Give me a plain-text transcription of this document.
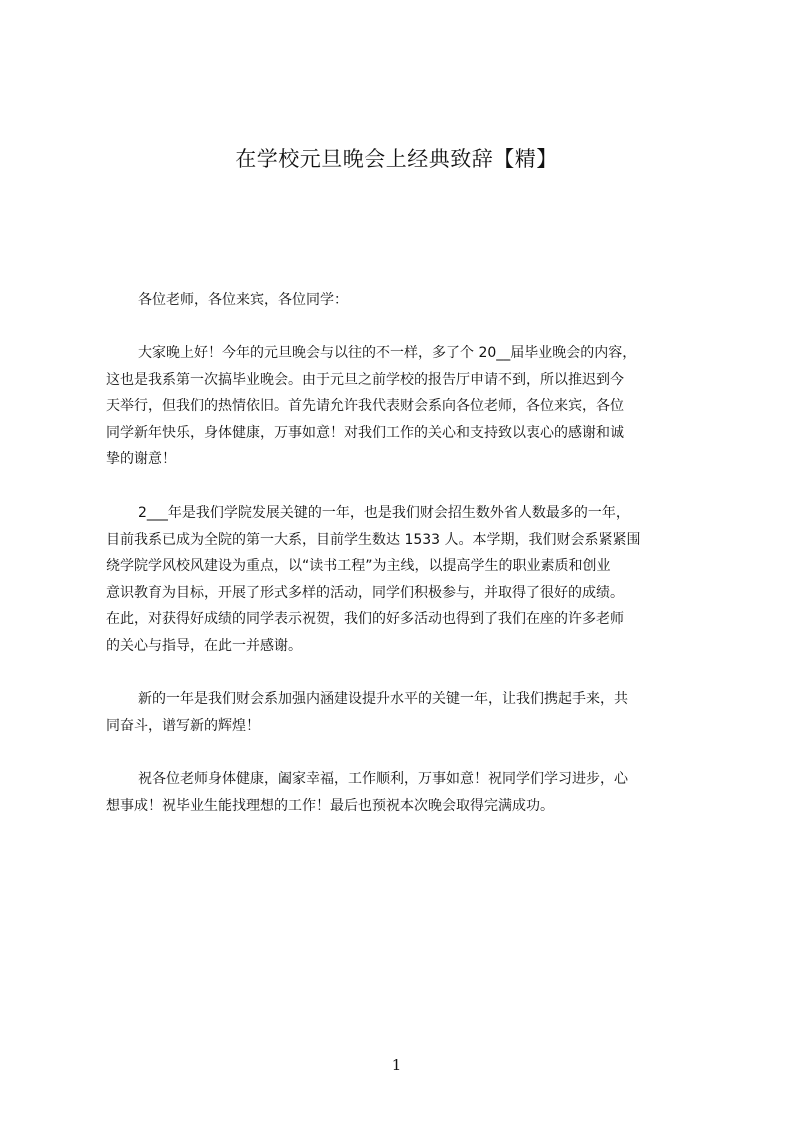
在学校元旦晚会上经典致辞【精】

各位老师，各位来宾，各位同学：

大家晚上好！今年的元旦晚会与以往的不一样，多了个 20__届毕业晚会的内容，
这也是我系第一次搞毕业晚会。由于元旦之前学校的报告厅申请不到，所以推迟到今
天举行，但我们的热情依旧。首先请允许我代表财会系向各位老师，各位来宾，各位
同学新年快乐，身体健康，万事如意！对我们工作的关心和支持致以衷心的感谢和诚
挚的谢意！

2___年是我们学院发展关键的一年，也是我们财会招生数外省人数最多的一年，
目前我系已成为全院的第一大系，目前学生数达 1533 人。本学期，我们财会系紧紧围
绕学院学风校风建设为重点，以“读书工程”为主线，以提高学生的职业素质和创业
意识教育为目标，开展了形式多样的活动，同学们积极参与，并取得了很好的成绩。
在此，对获得好成绩的同学表示祝贺，我们的好多活动也得到了我们在座的许多老师
的关心与指导，在此一并感谢。

新的一年是我们财会系加强内涵建设提升水平的关键一年，让我们携起手来，共
同奋斗，谱写新的辉煌！

祝各位老师身体健康，阖家幸福，工作顺利，万事如意！祝同学们学习进步，心
想事成！祝毕业生能找理想的工作！最后也预祝本次晚会取得完满成功。

1
